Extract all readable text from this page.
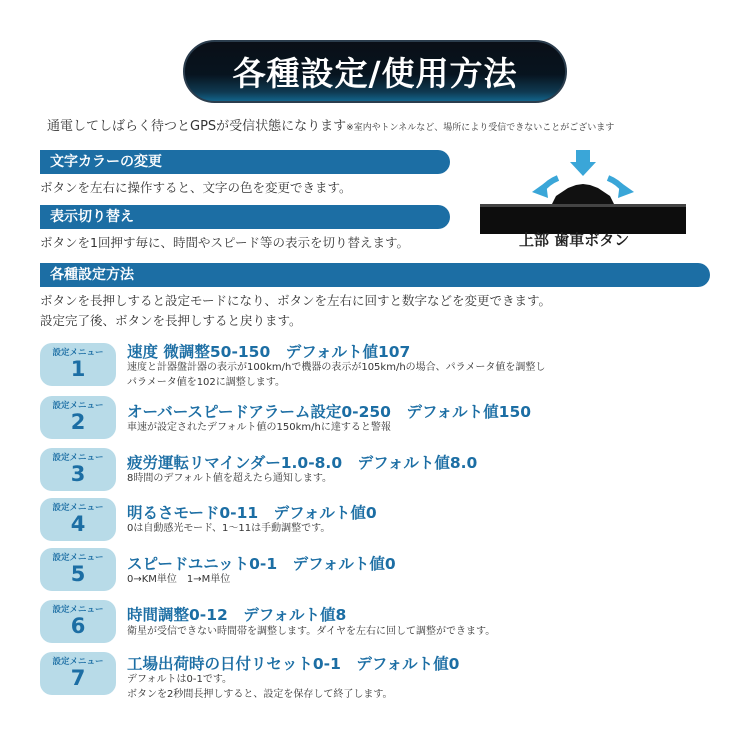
各種設定/使用方法
通電してしばらく待つとGPSが受信状態になります※室内やトンネルなど、場所により受信できないことがございます
文字カラーの変更
ボタンを左右に操作すると、文字の色を変更できます。
表示切り替え
ボタンを1回押す毎に、時間やスピード等の表示を切り替えます。	上部 歯車ボタン
各種設定方法
ボタンを長押しすると設定モードになり、ボタンを左右に回すと数字などを変更できます。
設定完了後、ボタンを長押しすると戻ります。
設定メニュー
1
速度 微調整50-150　デフォルト値107
速度と計器盤計器の表示が100km/hで機器の表示が105km/hの場合、パラメータ値を調整し
パラメータ値を102に調整します。
設定メニュー
2	オーバースピードアラーム設定0-250　デフォルト値150
車速が設定されたデフォルト値の150km/hに達すると警報
設定メニュー
3	疲労運転リマインダー1.0-8.0　デフォルト値8.0
8時間のデフォルト値を超えたら通知します。
設定メニュー
4	明るさモード0-11　デフォルト値0
0は自動感光モード、1～11は手動調整です。
設定メニュー
5	スピードユニット0-1　デフォルト値0
0→KM単位　1→M単位
設定メニュー
6	時間調整0-12　デフォルト値8
衛星が受信できない時間帯を調整します。ダイヤを左右に回して調整ができます。
設定メニュー
7
工場出荷時の日付リセット0-1　デフォルト値0
デフォルトは0-1です。
ボタンを2秒間長押しすると、設定を保存して終了します。
